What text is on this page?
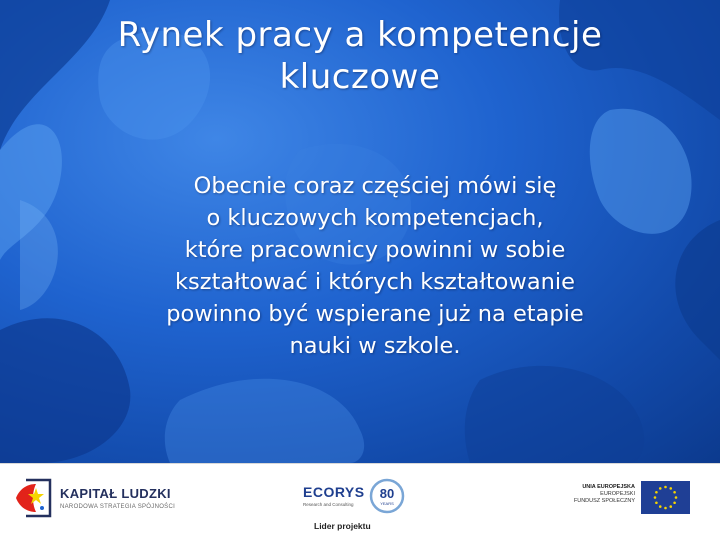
Rynek pracy a kompetencje
kluczowe
Obecnie coraz częściej mówi się
o kluczowych kompetencjach,
które pracownicy powinni w sobie
kształtować i których kształtowanie
powinno być wspierane już na etapie
nauki w szkole.
KAPITAŁ LUDZKI
NARODOWA STRATEGIA SPÓJNOŚCI
ECORYS
Research and Consulting
80
YEARS
Lider projektu
UNIA EUROPEJSKA
EUROPEJSKI
FUNDUSZ SPOŁECZNY
